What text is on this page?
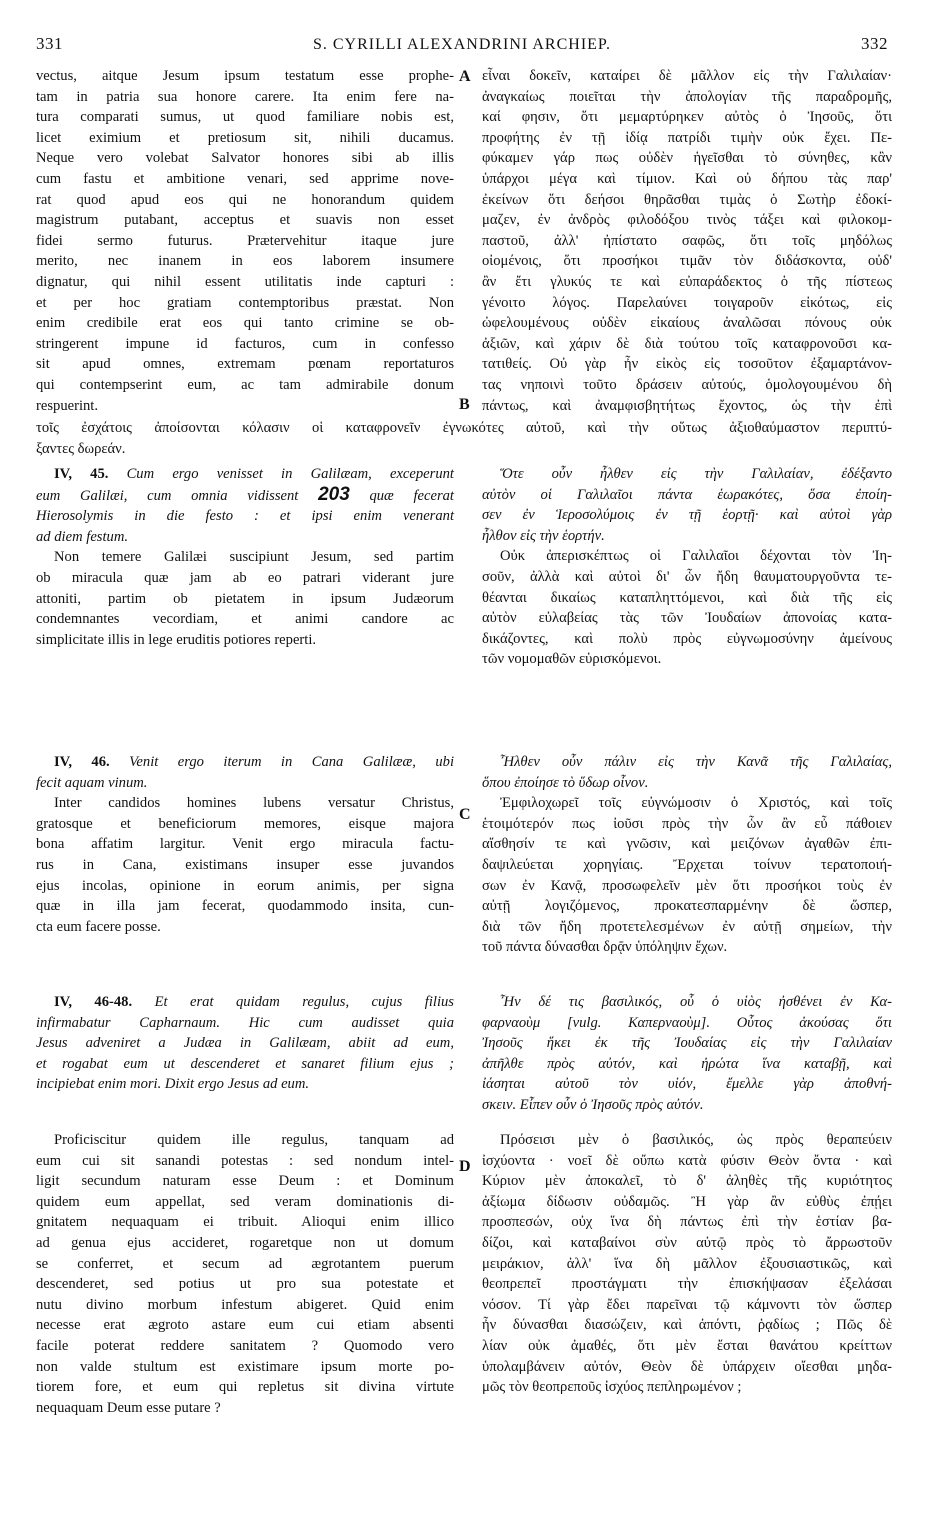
331	S. CYRILLI ALEXANDRINI ARCHIEP.	332
A
B
C
D
vectus, aitque Jesum ipsum testatum esse prophe-
tam in patria sua honore carere. Ita enim fere na-
tura comparati sumus, ut quod familiare nobis est,
licet eximium et pretiosum sit, nihili ducamus.
Neque vero volebat Salvator honores sibi ab illis
cum fastu et ambitione venari, sed apprime nove-
rat quod apud eos qui ne honorandum quidem
magistrum putabant, acceptus et suavis non esset
fidei sermo futurus. Prætervehitur itaque jure
merito, nec inanem in eos laborem insumere
dignatur, qui nihil essent utilitatis inde capturi :
et per hoc gratiam contemptoribus præstat. Non
enim credibile erat eos qui tanto crimine se ob-
stringerent impune id facturos, cum in confesso
sit apud omnes, extremam pœnam reportaturos
qui contempserint eum, ac tam admirabile donum
respuerint.
εἶναι δοκεῖν, καταίρει δὲ μᾶλλον εἰς τὴν Γαλιλαίαν·
ἀναγκαίως ποιεῖται τὴν ἀπολογίαν τῆς παραδρομῆς,
καί φησιν, ὅτι μεμαρτύρηκεν αὐτὸς ὁ Ἰησοῦς, ὅτι
προφήτης ἐν τῇ ἰδίᾳ πατρίδι τιμὴν οὐκ ἔχει. Πε-
φύκαμεν γάρ πως οὐδὲν ἡγεῖσθαι τὸ σύνηθες, κἂν
ὑπάρχοι μέγα καὶ τίμιον. Καὶ οὐ δήπου τὰς παρ'
ἐκείνων ὅτι δεήσοι θηρᾶσθαι τιμὰς ὁ Σωτὴρ ἐδοκί-
μαζεν, ἐν ἀνδρὸς φιλοδόξου τινὸς τάξει καὶ φιλοκομ-
παστοῦ, ἀλλ' ἠπίστατο σαφῶς, ὅτι τοῖς μηδόλως
οἰομένοις, ὅτι προσήκοι τιμᾶν τὸν διδάσκοντα, οὐδ'
ἂν ἔτι γλυκύς τε καὶ εὐπαράδεκτος ὁ τῆς πίστεως
γένοιτο λόγος. Παρελαύνει τοιγαροῦν εἰκότως, εἰς
ὠφελουμένους οὐδὲν εἰκαίους ἀναλῶσαι πόνους οὐκ
ἀξιῶν, καὶ χάριν δὲ διὰ τούτου τοῖς καταφρονοῦσι κα-
τατιθείς. Οὐ γὰρ ἦν εἰκὸς εἰς τοσοῦτον ἐξαμαρτάνον-
τας νηποινὶ τοῦτο δράσειν αὐτούς, ὁμολογουμένου δὴ
πάντως, καὶ ἀναμφισβητήτως ἔχοντος, ὡς τὴν ἐπὶ
τοῖς ἐσχάτοις ἀποίσονται κόλασιν οἱ καταφρονεῖν ἐγνωκότες αὐτοῦ, καὶ τὴν οὕτως ἀξιοθαύμαστον περιπτύ-
ξαντες δωρεάν.
IV, 45. Cum ergo venisset in Galilæam, exceperunt
eum Galilæi, cum omnia vidissent 203 quæ fecerat
Hierosolymis in die festo : et ipsi enim venerant
ad diem festum.
Non temere Galilæi suscipiunt Jesum, sed partim
ob miracula quæ jam ab eo patrari viderant jure
attoniti, partim ob pietatem in ipsum Judæorum
condemnantes vecordiam, et animi candore ac
simplicitate illis in lege eruditis potiores reperti.
Ὅτε οὖν ἦλθεν εἰς τὴν Γαλιλαίαν, ἐδέξαντο
αὐτὸν οἱ Γαλιλαῖοι πάντα ἑωρακότες, ὅσα ἐποίη-
σεν ἐν Ἱεροσολύμοις ἐν τῇ ἑορτῇ· καὶ αὐτοὶ γὰρ
ἦλθον εἰς τὴν ἑορτήν.
Οὐκ ἀπερισκέπτως οἱ Γαλιλαῖοι δέχονται τὸν Ἰη-
σοῦν, ἀλλὰ καὶ αὐτοὶ δι' ὧν ἤδη θαυματουργοῦντα τε-
θέανται δικαίως καταπληττόμενοι, καὶ διὰ τῆς εἰς
αὐτὸν εὐλαβείας τὰς τῶν Ἰουδαίων ἀπονοίας κατα-
δικάζοντες, καὶ πολὺ πρὸς εὐγνωμοσύνην ἀμείνους
τῶν νομομαθῶν εὑρισκόμενοι.
IV, 46. Venit ergo iterum in Cana Galilææ, ubi
fecit aquam vinum.
Inter candidos homines lubens versatur Christus,
gratosque et beneficiorum memores, eisque majora
bona affatim largitur. Venit ergo miracula factu-
rus in Cana, existimans insuper esse juvandos
ejus incolas, opinione in eorum animis, per signa
quæ in illa jam fecerat, quodammodo insita, cun-
cta eum facere posse.
Ἦλθεν οὖν πάλιν εἰς τὴν Κανᾶ τῆς Γαλιλαίας,
ὅπου ἐποίησε τὸ ὕδωρ οἶνον.
Ἐμφιλοχωρεῖ τοῖς εὐγνώμοσιν ὁ Χριστός, καὶ τοῖς
ἑτοιμότερόν πως ἰοῦσι πρὸς τὴν ὧν ἂν εὖ πάθοιεν
αἴσθησίν τε καὶ γνῶσιν, καὶ μειζόνων ἀγαθῶν ἐπι-
δαψιλεύεται χορηγίαις. Ἔρχεται τοίνυν τερατοποιή-
σων ἐν Κανᾷ, προσωφελεῖν μὲν ὅτι προσήκοι τοὺς ἐν
αὐτῇ λογιζόμενος, προκατεσπαρμένην δὲ ὥσπερ,
διὰ τῶν ἤδη προτετελεσμένων ἐν αὐτῇ σημείων, τὴν
τοῦ πάντα δύνασθαι δρᾷν ὑπόληψιν ἔχων.
IV, 46-48. Et erat quidam regulus, cujus filius
infirmabatur Capharnaum. Hic cum audisset quia
Jesus adveniret a Judæa in Galilæam, abiit ad eum,
et rogabat eum ut descenderet et sanaret filium ejus ;
incipiebat enim mori. Dixit ergo Jesus ad eum.
Ἦν δέ τις βασιλικός, οὗ ὁ υἱὸς ἠσθένει ἐν Κα-
φαρναοὺμ [vulg. Καπερναοὺμ]. Οὗτος ἀκούσας ὅτι
Ἰησοῦς ἥκει ἐκ τῆς Ἰουδαίας εἰς τὴν Γαλιλαίαν
ἀπῆλθε πρὸς αὐτόν, καὶ ἠρώτα ἵνα καταβῇ, καὶ
ἰάσηται αὐτοῦ τὸν υἱόν, ἔμελλε γὰρ ἀποθνή-
σκειν. Εἶπεν οὖν ὁ Ἰησοῦς πρὸς αὐτόν.
Proficiscitur quidem ille regulus, tanquam ad
eum cui sit sanandi potestas : sed nondum intel-
ligit secundum naturam esse Deum : et Dominum
quidem eum appellat, sed veram dominationis di-
gnitatem nequaquam ei tribuit. Alioqui enim illico
ad genua ejus accideret, rogaretque non ut domum
se conferret, et secum ad ægrotantem puerum
descenderet, sed potius ut pro sua potestate et
nutu divino morbum infestum abigeret. Quid enim
necesse erat ægroto astare eum cui etiam absenti
facile poterat reddere sanitatem ? Quomodo vero
non valde stultum est existimare ipsum morte po-
tiorem fore, et eum qui repletus sit divina virtute
nequaquam Deum esse putare ?
Πρόσεισι μὲν ὁ βασιλικός, ὡς πρὸς θεραπεύειν
ἰσχύοντα · νοεῖ δὲ οὔπω κατὰ φύσιν Θεὸν ὄντα · καὶ
Κύριον μὲν ἀποκαλεῖ, τὸ δ' ἀληθὲς τῆς κυριότητος
ἀξίωμα δίδωσιν οὐδαμῶς. Ἢ γὰρ ἂν εὐθὺς ἐπῄει
προσπεσών, οὐχ ἵνα δὴ πάντως ἐπὶ τὴν ἑστίαν βα-
δίζοι, καὶ καταβαίνοι σὺν αὐτῷ πρὸς τὸ ἄρρωστοῦν
μειράκιον, ἀλλ' ἵνα δὴ μᾶλλον ἐξουσιαστικῶς, καὶ
θεοπρεπεῖ προστάγματι τὴν ἐπισκήψασαν ἐξελάσαι
νόσον. Τί γὰρ ἔδει παρεῖναι τῷ κάμνοντι τὸν ὥσπερ
ἦν δύνασθαι διασώζειν, καὶ ἀπόντι, ῥᾳδίως ; Πῶς δὲ
λίαν οὐκ ἀμαθές, ὅτι μὲν ἔσται θανάτου κρείττων
ὑπολαμβάνειν αὐτόν, Θεὸν δὲ ὑπάρχειν οἴεσθαι μηδα-
μῶς τὸν θεοπρεποῦς ἰσχύος πεπληρωμένον ;
